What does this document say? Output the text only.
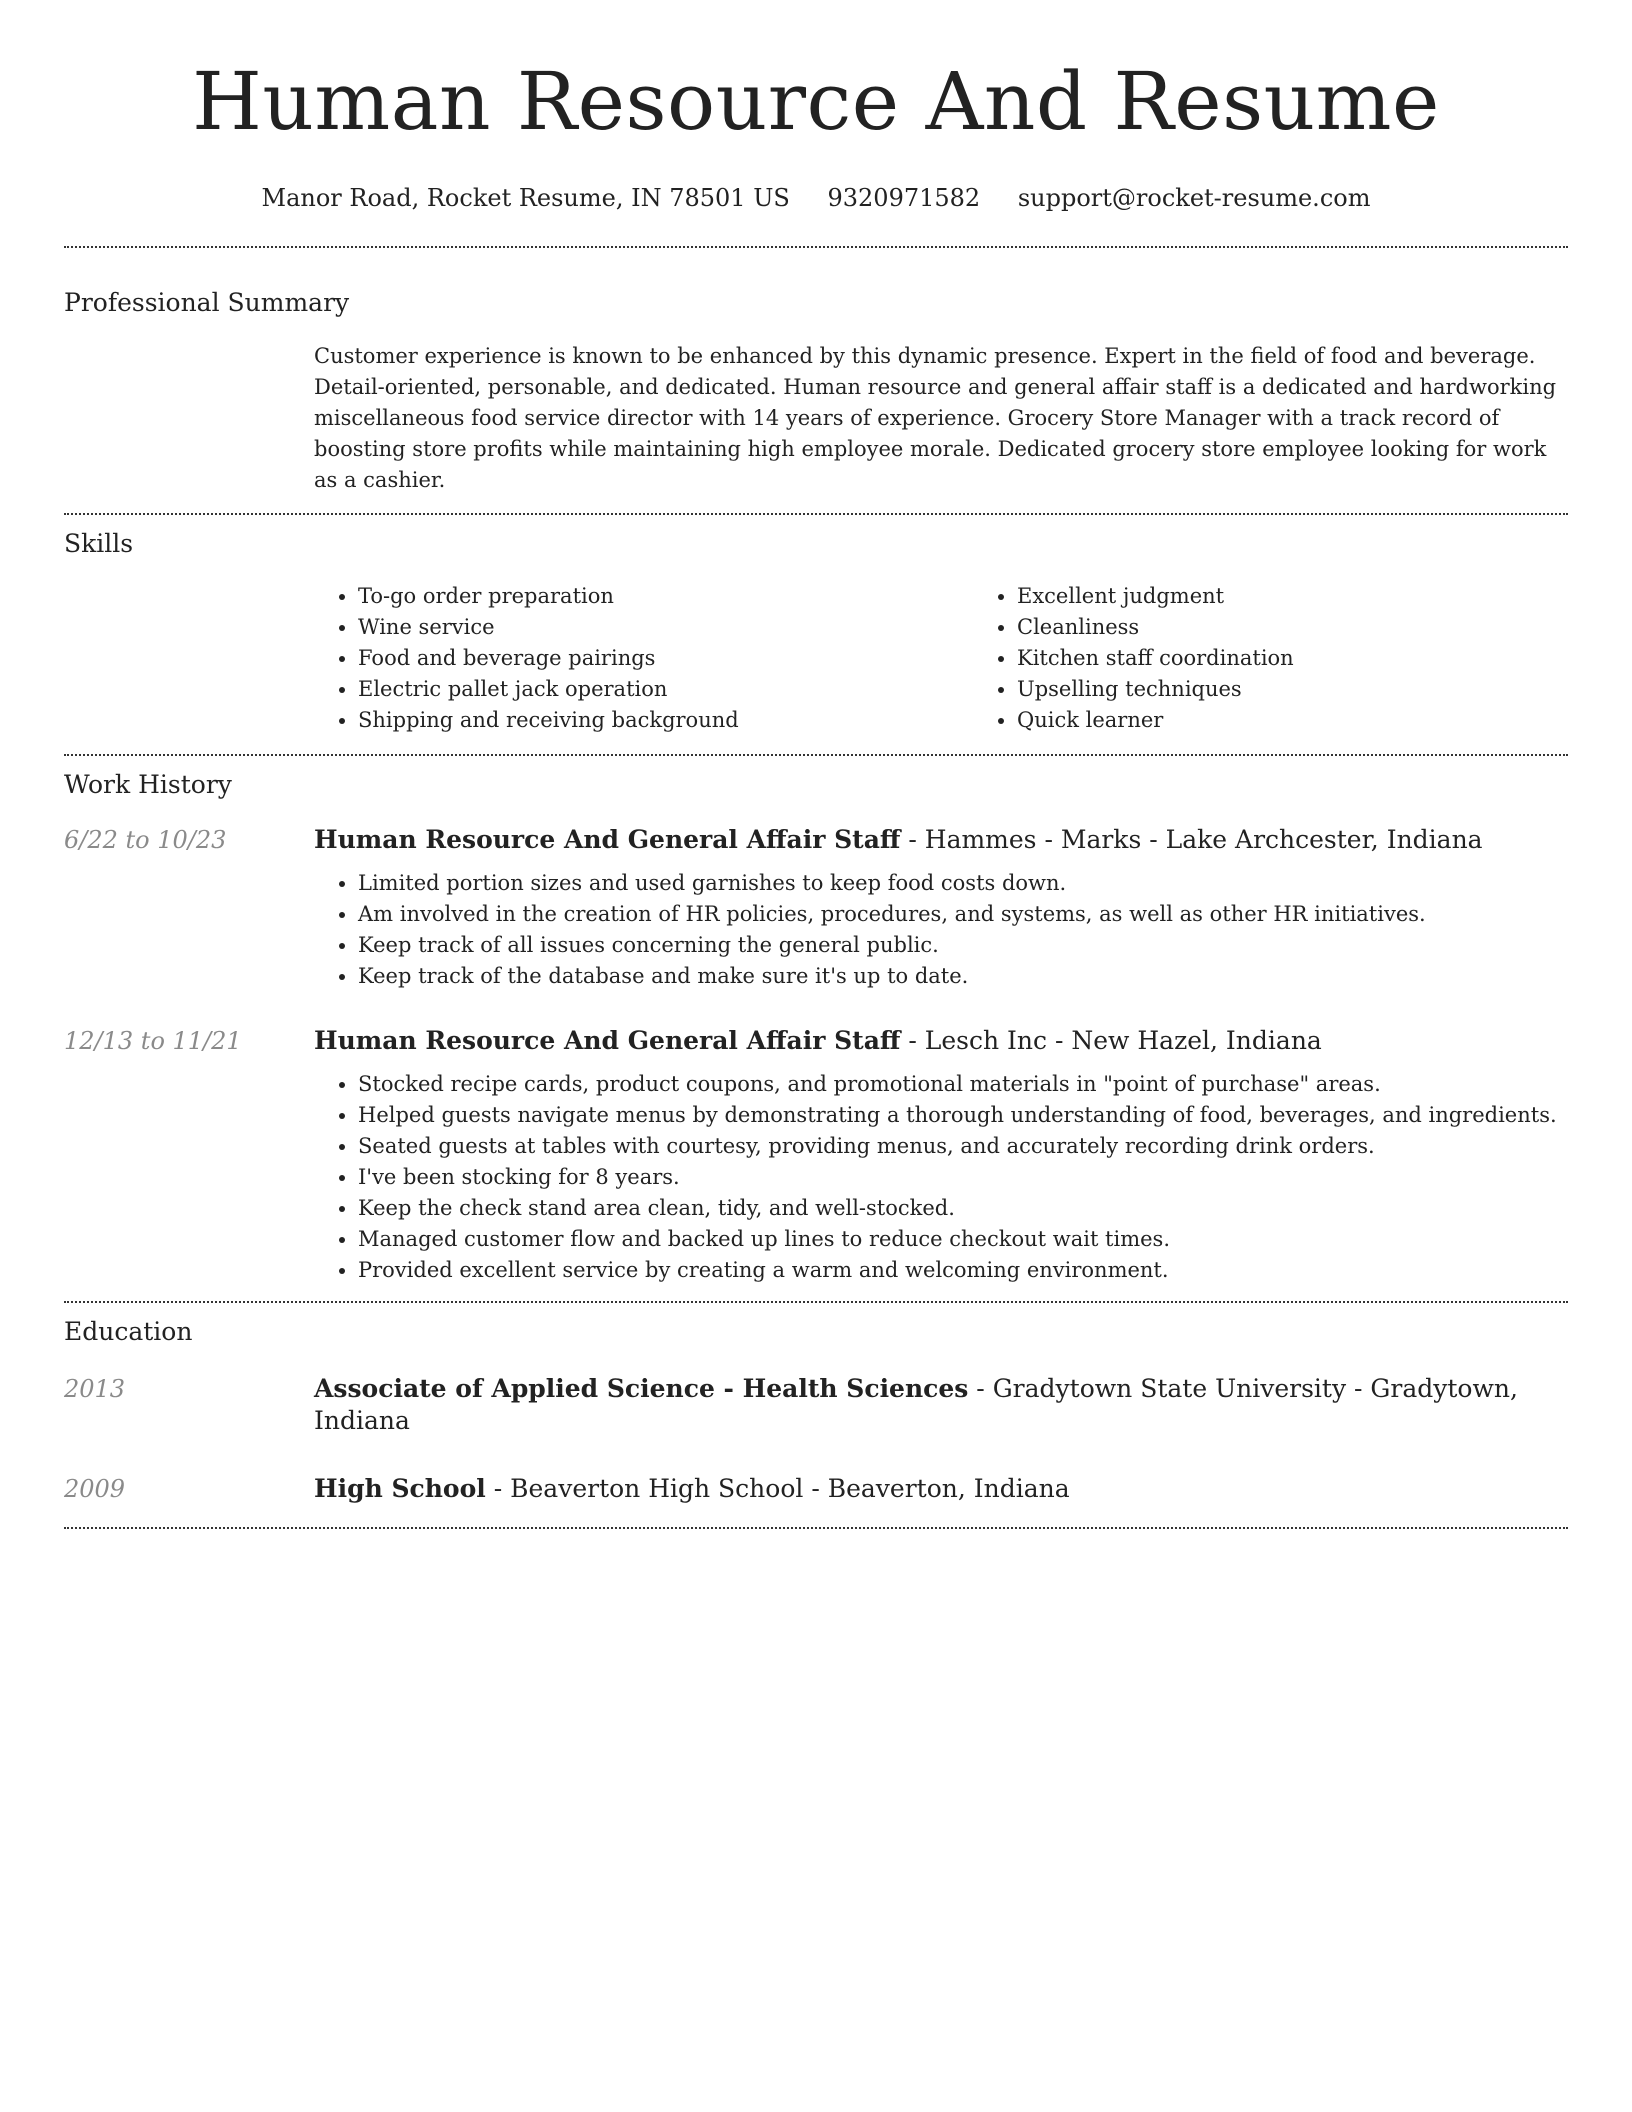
Human Resource And Resume
Manor Road, Rocket Resume, IN 78501 US 9320971582 support@rocket-resume.com
Professional Summary
Customer experience is known to be enhanced by this dynamic presence. Expert in the field of food and beverage. Detail-oriented, personable, and dedicated. Human resource and general affair staff is a dedicated and hardworking miscellaneous food service director with 14 years of experience. Grocery Store Manager with a track record of boosting store profits while maintaining high employee morale. Dedicated grocery store employee looking for work as a cashier.
Skills
• To-go order preparation
• Wine service
• Food and beverage pairings
• Electric pallet jack operation
• Shipping and receiving background
• Excellent judgment
• Cleanliness
• Kitchen staff coordination
• Upselling techniques
• Quick learner
Work History
6/22 to 10/23	Human Resource And General Affair Staff - Hammes - Marks - Lake Archcester, Indiana
• Limited portion sizes and used garnishes to keep food costs down.
• Am involved in the creation of HR policies, procedures, and systems, as well as other HR initiatives.
• Keep track of all issues concerning the general public.
• Keep track of the database and make sure it's up to date.
12/13 to 11/21	Human Resource And General Affair Staff - Lesch Inc - New Hazel, Indiana
• Stocked recipe cards, product coupons, and promotional materials in "point of purchase" areas.
• Helped guests navigate menus by demonstrating a thorough understanding of food, beverages, and ingredients.
• Seated guests at tables with courtesy, providing menus, and accurately recording drink orders.
• I've been stocking for 8 years.
• Keep the check stand area clean, tidy, and well-stocked.
• Managed customer flow and backed up lines to reduce checkout wait times.
• Provided excellent service by creating a warm and welcoming environment.
Education
2013	Associate of Applied Science - Health Sciences - Gradytown State University - Gradytown, Indiana
2009	High School - Beaverton High School - Beaverton, Indiana
